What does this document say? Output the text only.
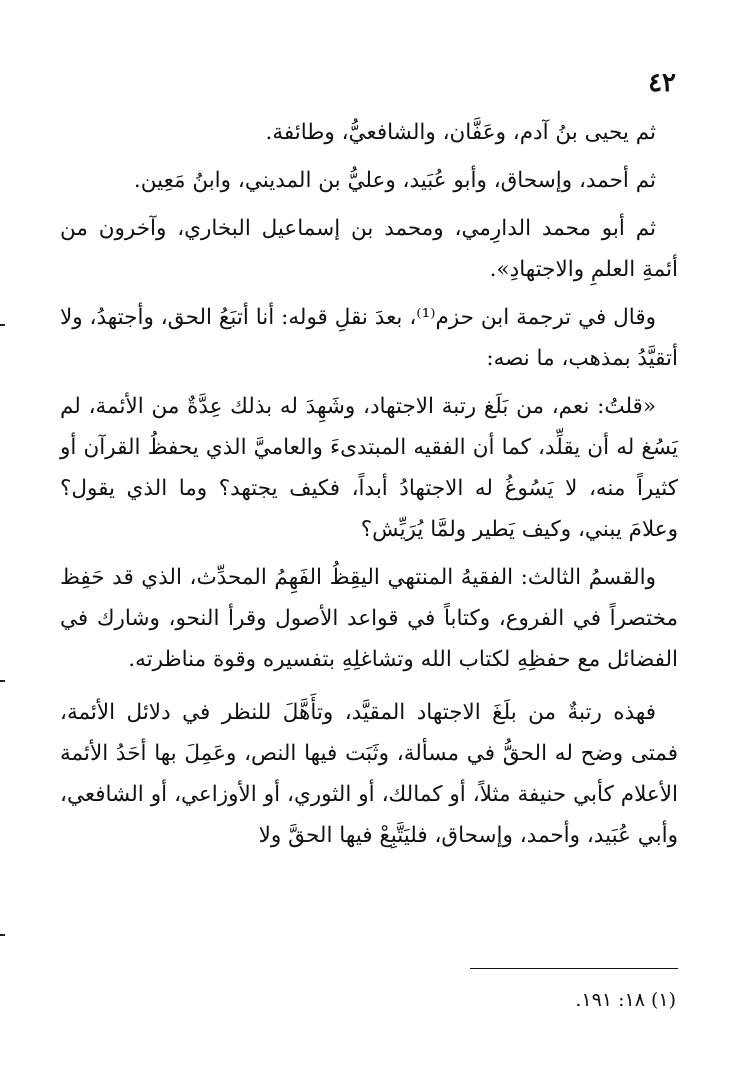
٤٢

ثم يحيى بنُ آدم، وعَفَّان، والشافعيُّ، وطائفة.

ثم أحمد، وإسحاق، وأبو عُبَيد، وعليُّ بن المديني، وابنُ مَعِين.

ثم أبو محمد الدارِمي، ومحمد بن إسماعيل البخاري، وآخرون من أئمةِ العلمِ والاجتهادِ».

وقال في ترجمة ابن حزم⁽¹⁾، بعدَ نقلِ قوله: أنا أتبَعُ الحق، وأجتهدُ، ولا أتقيَّدُ بمذهب، ما نصه:

«قلتُ: نعم، من بَلَغ رتبة الاجتهاد، وشَهِدَ له بذلك عِدَّةٌ من الأئمة، لم يَسُغ له أن يقلِّد، كما أن الفقيه المبتدىءَ والعاميَّ الذي يحفظُ القرآن أو كثيراً منه، لا يَسُوغُ له الاجتهادُ أبداً، فكيف يجتهد؟ وما الذي يقول؟ وعلامَ يبني، وكيف يَطير ولمَّا يُرَيِّش؟

والقسمُ الثالث: الفقيهُ المنتهي اليقِظُ الفَهِمُ المحدِّث، الذي قد حَفِظ مختصراً في الفروع، وكتاباً في قواعد الأصول وقرأ النحو، وشارك في الفضائل مع حفظِهِ لكتاب الله وتشاغلِهِ بتفسيره وقوة مناظرته.

فهذه رتبةٌ من بلَغَ الاجتهاد المقيَّد، وتأَهَّلَ للنظر في دلائل الأئمة، فمتى وضح له الحقُّ في مسألة، وثَبَت فيها النص، وعَمِلَ بها أحَدُ الأئمة الأعلام كأبي حنيفة مثلاً، أو كمالك، أو الثوري، أو الأوزاعي، أو الشافعي، وأبي عُبَيد، وأحمد، وإسحاق، فليَتَّبِعْ فيها الحقَّ ولا

(١) ١٨: ١٩١.
